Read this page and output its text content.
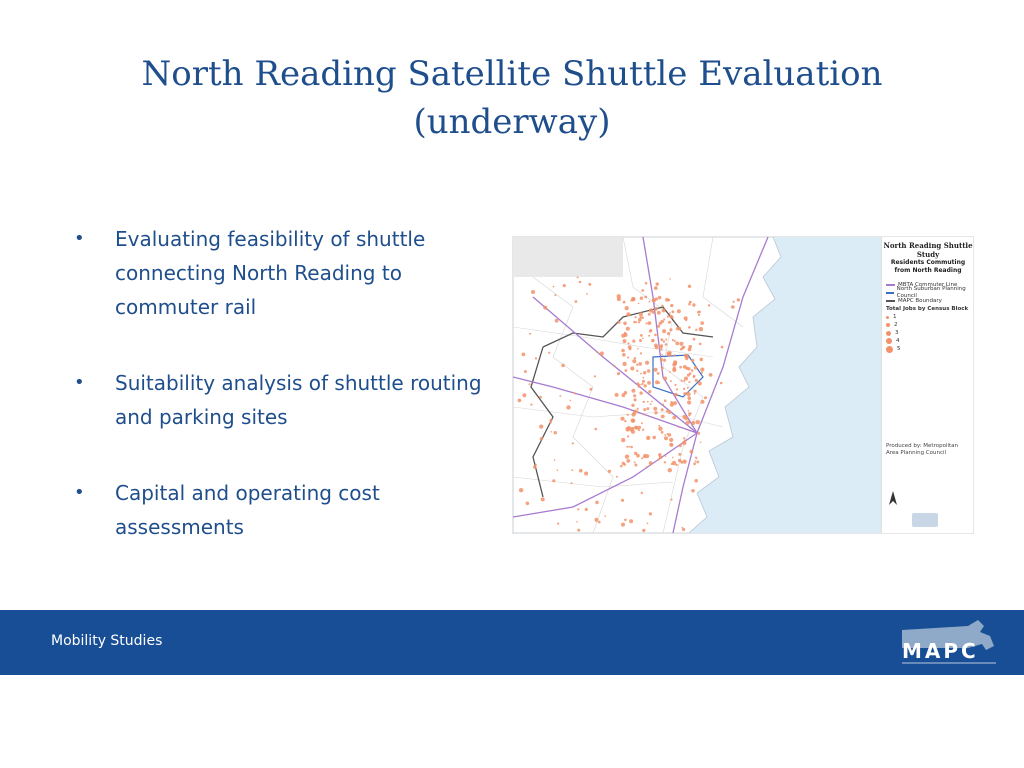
North Reading Satellite Shuttle Evaluation
(underway)
• Evaluating feasibility of shuttle connecting North Reading to commuter rail
• Suitability analysis of shuttle routing and parking sites
• Capital and operating cost assessments
North Reading Shuttle Study
Residents Commuting from North Reading
MBTA Commuter Line
North Suburban Planning Council
MAPC Boundary
Total Jobs by Census Block
1
2
3
4
5
Produced by: Metropolitan Area Planning Council
Mobility Studies	MAPC
